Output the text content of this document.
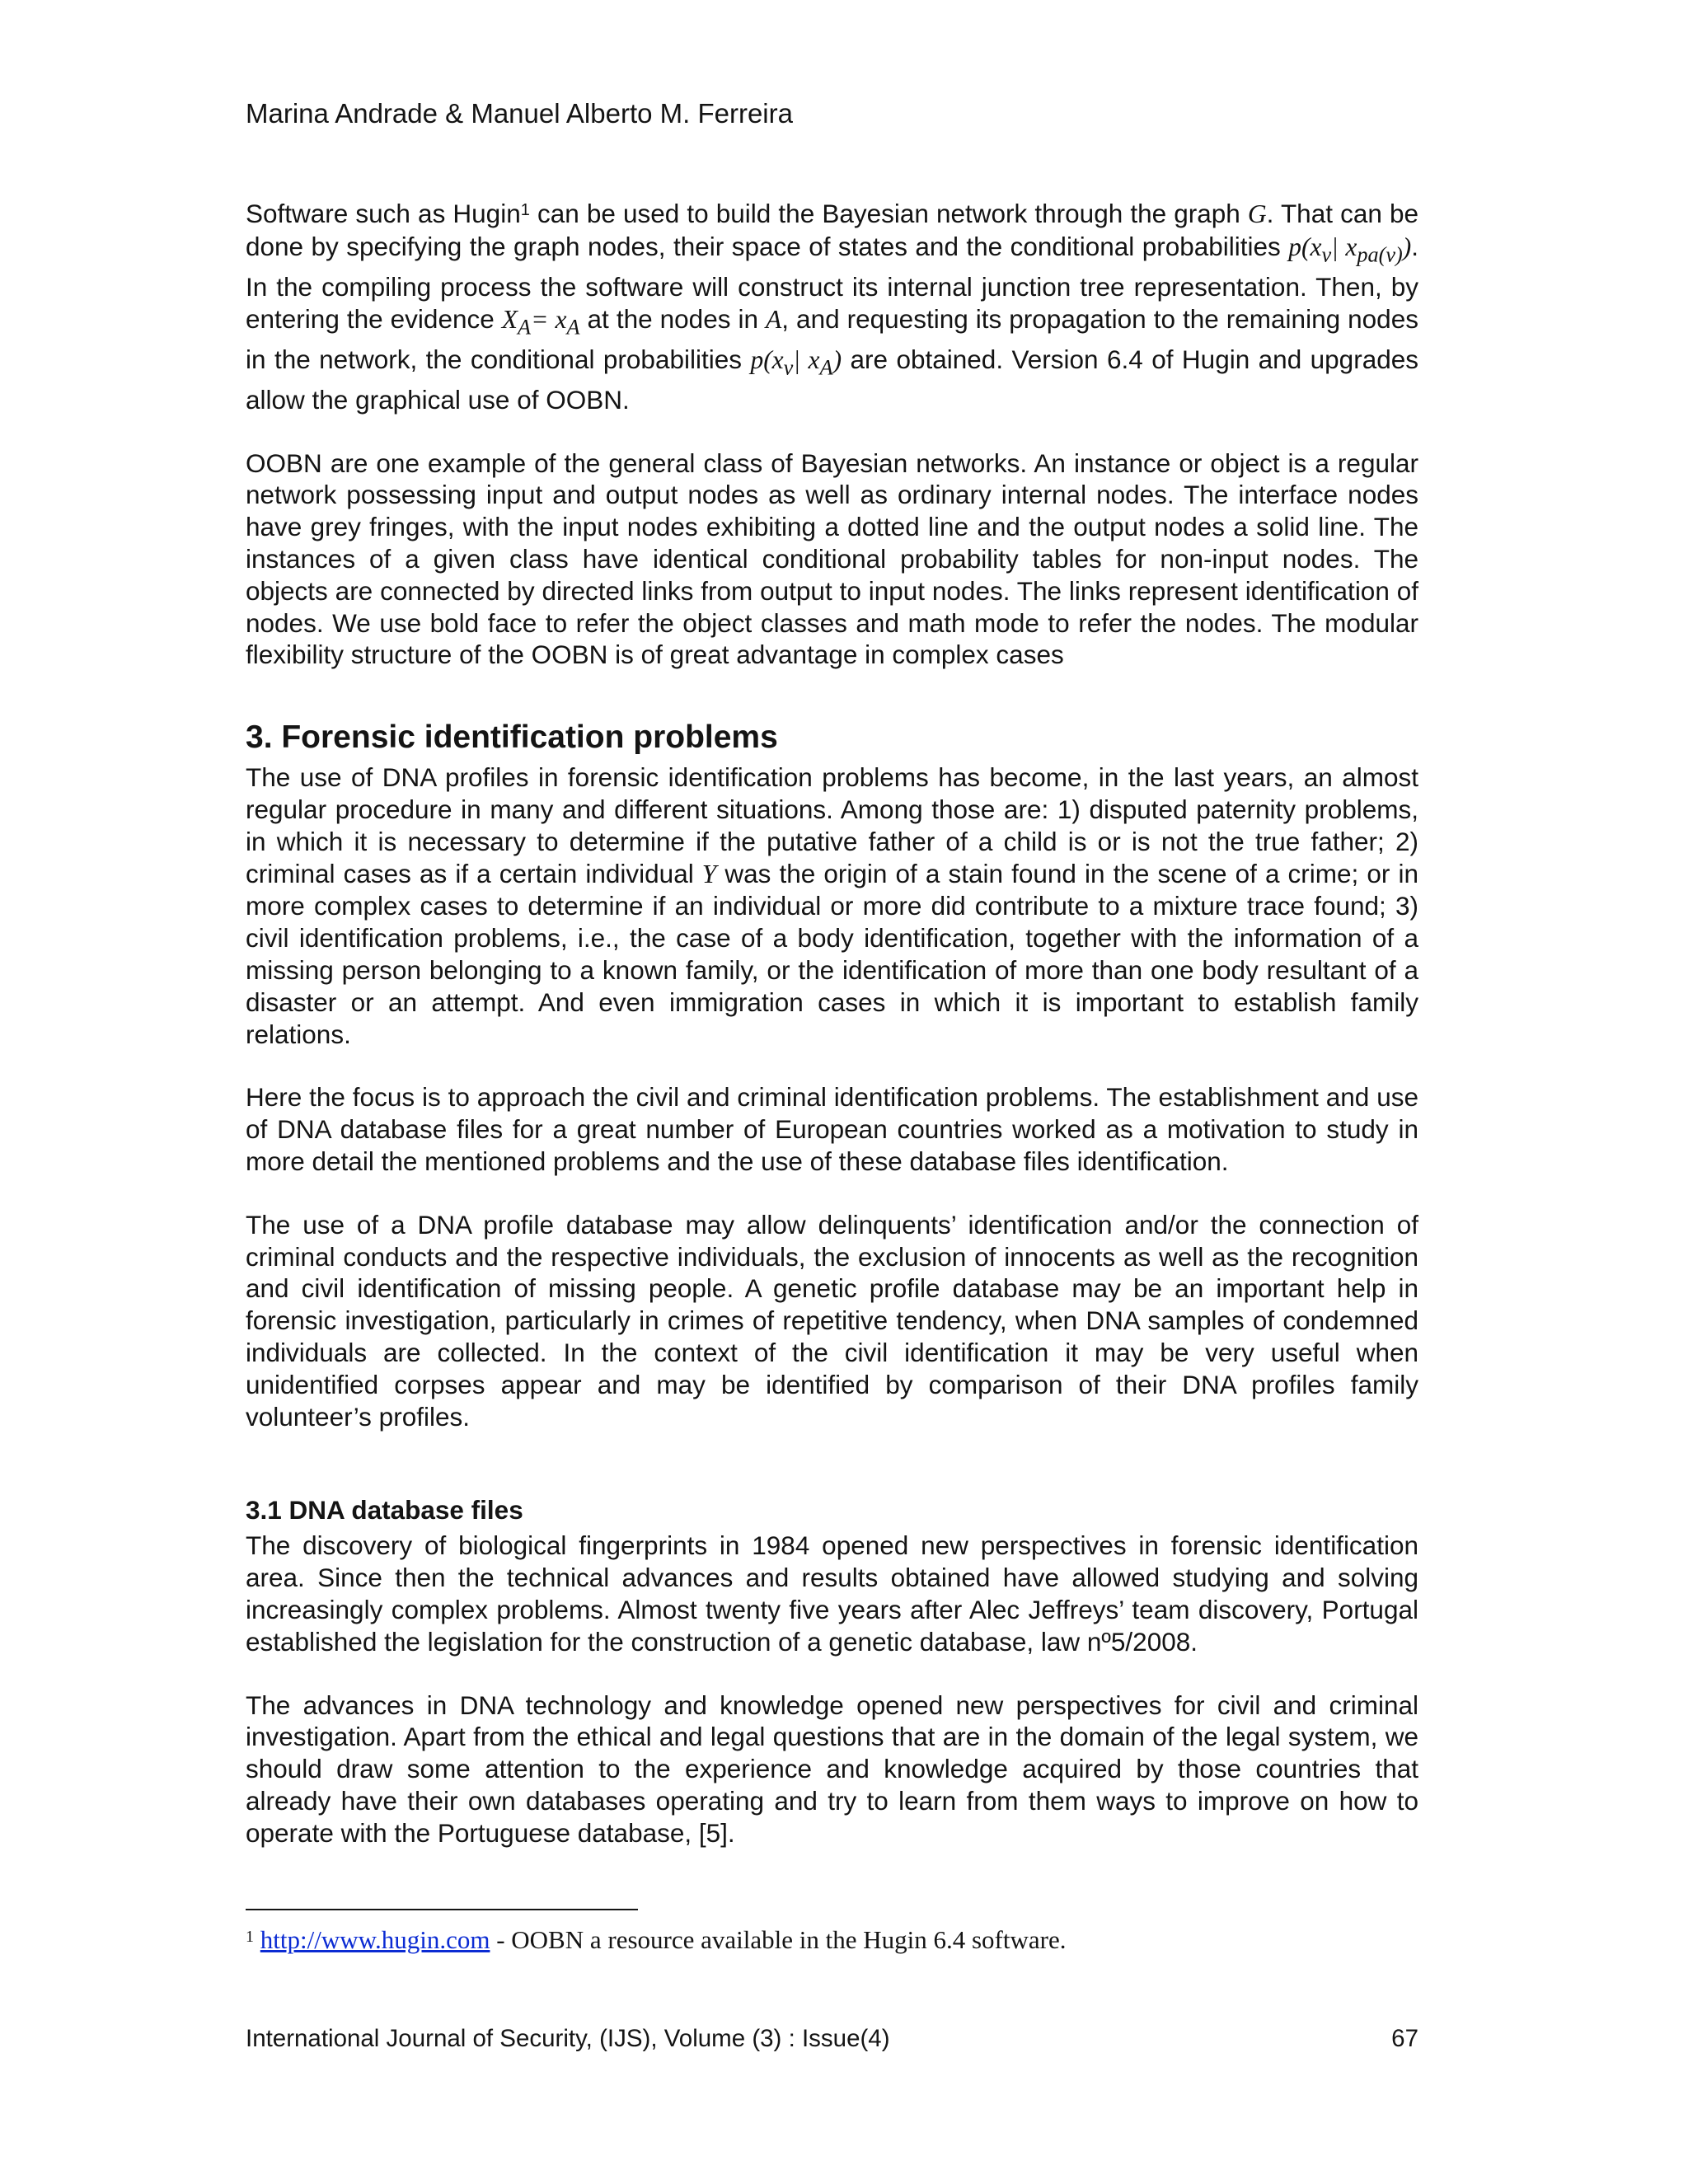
Marina Andrade & Manuel Alberto M. Ferreira

Software such as Hugin$^1$ can be used to build the Bayesian network through the graph G. That can be done by specifying the graph nodes, their space of states and the conditional probabilities $p(x_v|$ $x_{pa(v)}$). In the compiling process the software will construct its internal junction tree representation. Then, by entering the evidence $X_A= x_A$ at the nodes in A, and requesting its propagation to the remaining nodes in the network, the conditional probabilities $p(x_v|$ $x_A$) are obtained. Version 6.4 of Hugin and upgrades allow the graphical use of OOBN.

OOBN are one example of the general class of Bayesian networks. An instance or object is a regular network possessing input and output nodes as well as ordinary internal nodes. The interface nodes have grey fringes, with the input nodes exhibiting a dotted line and the output nodes a solid line. The instances of a given class have identical conditional probability tables for non-input nodes. The objects are connected by directed links from output to input nodes. The links represent identification of nodes. We use bold face to refer the object classes and math mode to refer the nodes. The modular flexibility structure of the OOBN is of great advantage in complex cases

3. Forensic identification problems

The use of DNA profiles in forensic identification problems has become, in the last years, an almost regular procedure in many and different situations. Among those are: 1) disputed paternity problems, in which it is necessary to determine if the putative father of a child is or is not the true father; 2) criminal cases as if a certain individual Y was the origin of a stain found in the scene of a crime; or in more complex cases to determine if an individual or more did contribute to a mixture trace found; 3) civil identification problems, i.e., the case of a body identification, together with the information of a missing person belonging to a known family, or the identification of more than one body resultant of a disaster or an attempt. And even immigration cases in which it is important to establish family relations.

Here the focus is to approach the civil and criminal identification problems. The establishment and use of DNA database files for a great number of European countries worked as a motivation to study in more detail the mentioned problems and the use of these database files identification.

The use of a DNA profile database may allow delinquents’ identification and/or the connection of criminal conducts and the respective individuals, the exclusion of innocents as well as the recognition and civil identification of missing people. A genetic profile database may be an important help in forensic investigation, particularly in crimes of repetitive tendency, when DNA samples of condemned individuals are collected. In the context of the civil identification it may be very useful when unidentified corpses appear and may be identified by comparison of their DNA profiles family volunteer’s profiles.

3.1 DNA database files

The discovery of biological fingerprints in 1984 opened new perspectives in forensic identification area. Since then the technical advances and results obtained have allowed studying and solving increasingly complex problems. Almost twenty five years after Alec Jeffreys’ team discovery, Portugal established the legislation for the construction of a genetic database, law nº5/2008.

The advances in DNA technology and knowledge opened new perspectives for civil and criminal investigation. Apart from the ethical and legal questions that are in the domain of the legal system, we should draw some attention to the experience and knowledge acquired by those countries that already have their own databases operating and try to learn from them ways to improve on how to operate with the Portuguese database, [5].

$^1$ http://www.hugin.com - OOBN a resource available in the Hugin 6.4 software.
International Journal of Security, (IJS), Volume (3) : Issue(4)	67
